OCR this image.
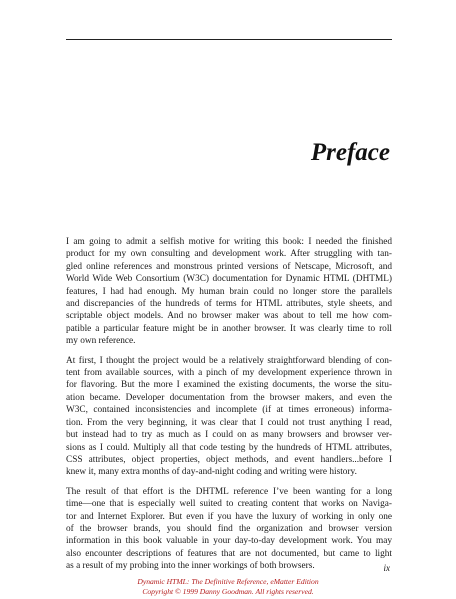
Preface

I am going to admit a selfish motive for writing this book: I needed the finished
product for my own consulting and development work. After struggling with tan-
gled online references and monstrous printed versions of Netscape, Microsoft, and
World Wide Web Consortium (W3C) documentation for Dynamic HTML (DHTML)
features, I had had enough. My human brain could no longer store the parallels
and discrepancies of the hundreds of terms for HTML attributes, style sheets, and
scriptable object models. And no browser maker was about to tell me how com-
patible a particular feature might be in another browser. It was clearly time to roll
my own reference.

At first, I thought the project would be a relatively straightforward blending of con-
tent from available sources, with a pinch of my development experience thrown in
for flavoring. But the more I examined the existing documents, the worse the situ-
ation became. Developer documentation from the browser makers, and even the
W3C, contained inconsistencies and incomplete (if at times erroneous) informa-
tion. From the very beginning, it was clear that I could not trust anything I read,
but instead had to try as much as I could on as many browsers and browser ver-
sions as I could. Multiply all that code testing by the hundreds of HTML attributes,
CSS attributes, object properties, object methods, and event handlers...before I
knew it, many extra months of day-and-night coding and writing were history.

The result of that effort is the DHTML reference I’ve been wanting for a long
time—one that is especially well suited to creating content that works on Naviga-
tor and Internet Explorer. But even if you have the luxury of working in only one
of the browser brands, you should find the organization and browser version
information in this book valuable in your day-to-day development work. You may
also encounter descriptions of features that are not documented, but came to light
as a result of my probing into the inner workings of both browsers.	ix

Dynamic HTML: The Definitive Reference, eMatter Edition
Copyright © 1999 Danny Goodman. All rights reserved.
